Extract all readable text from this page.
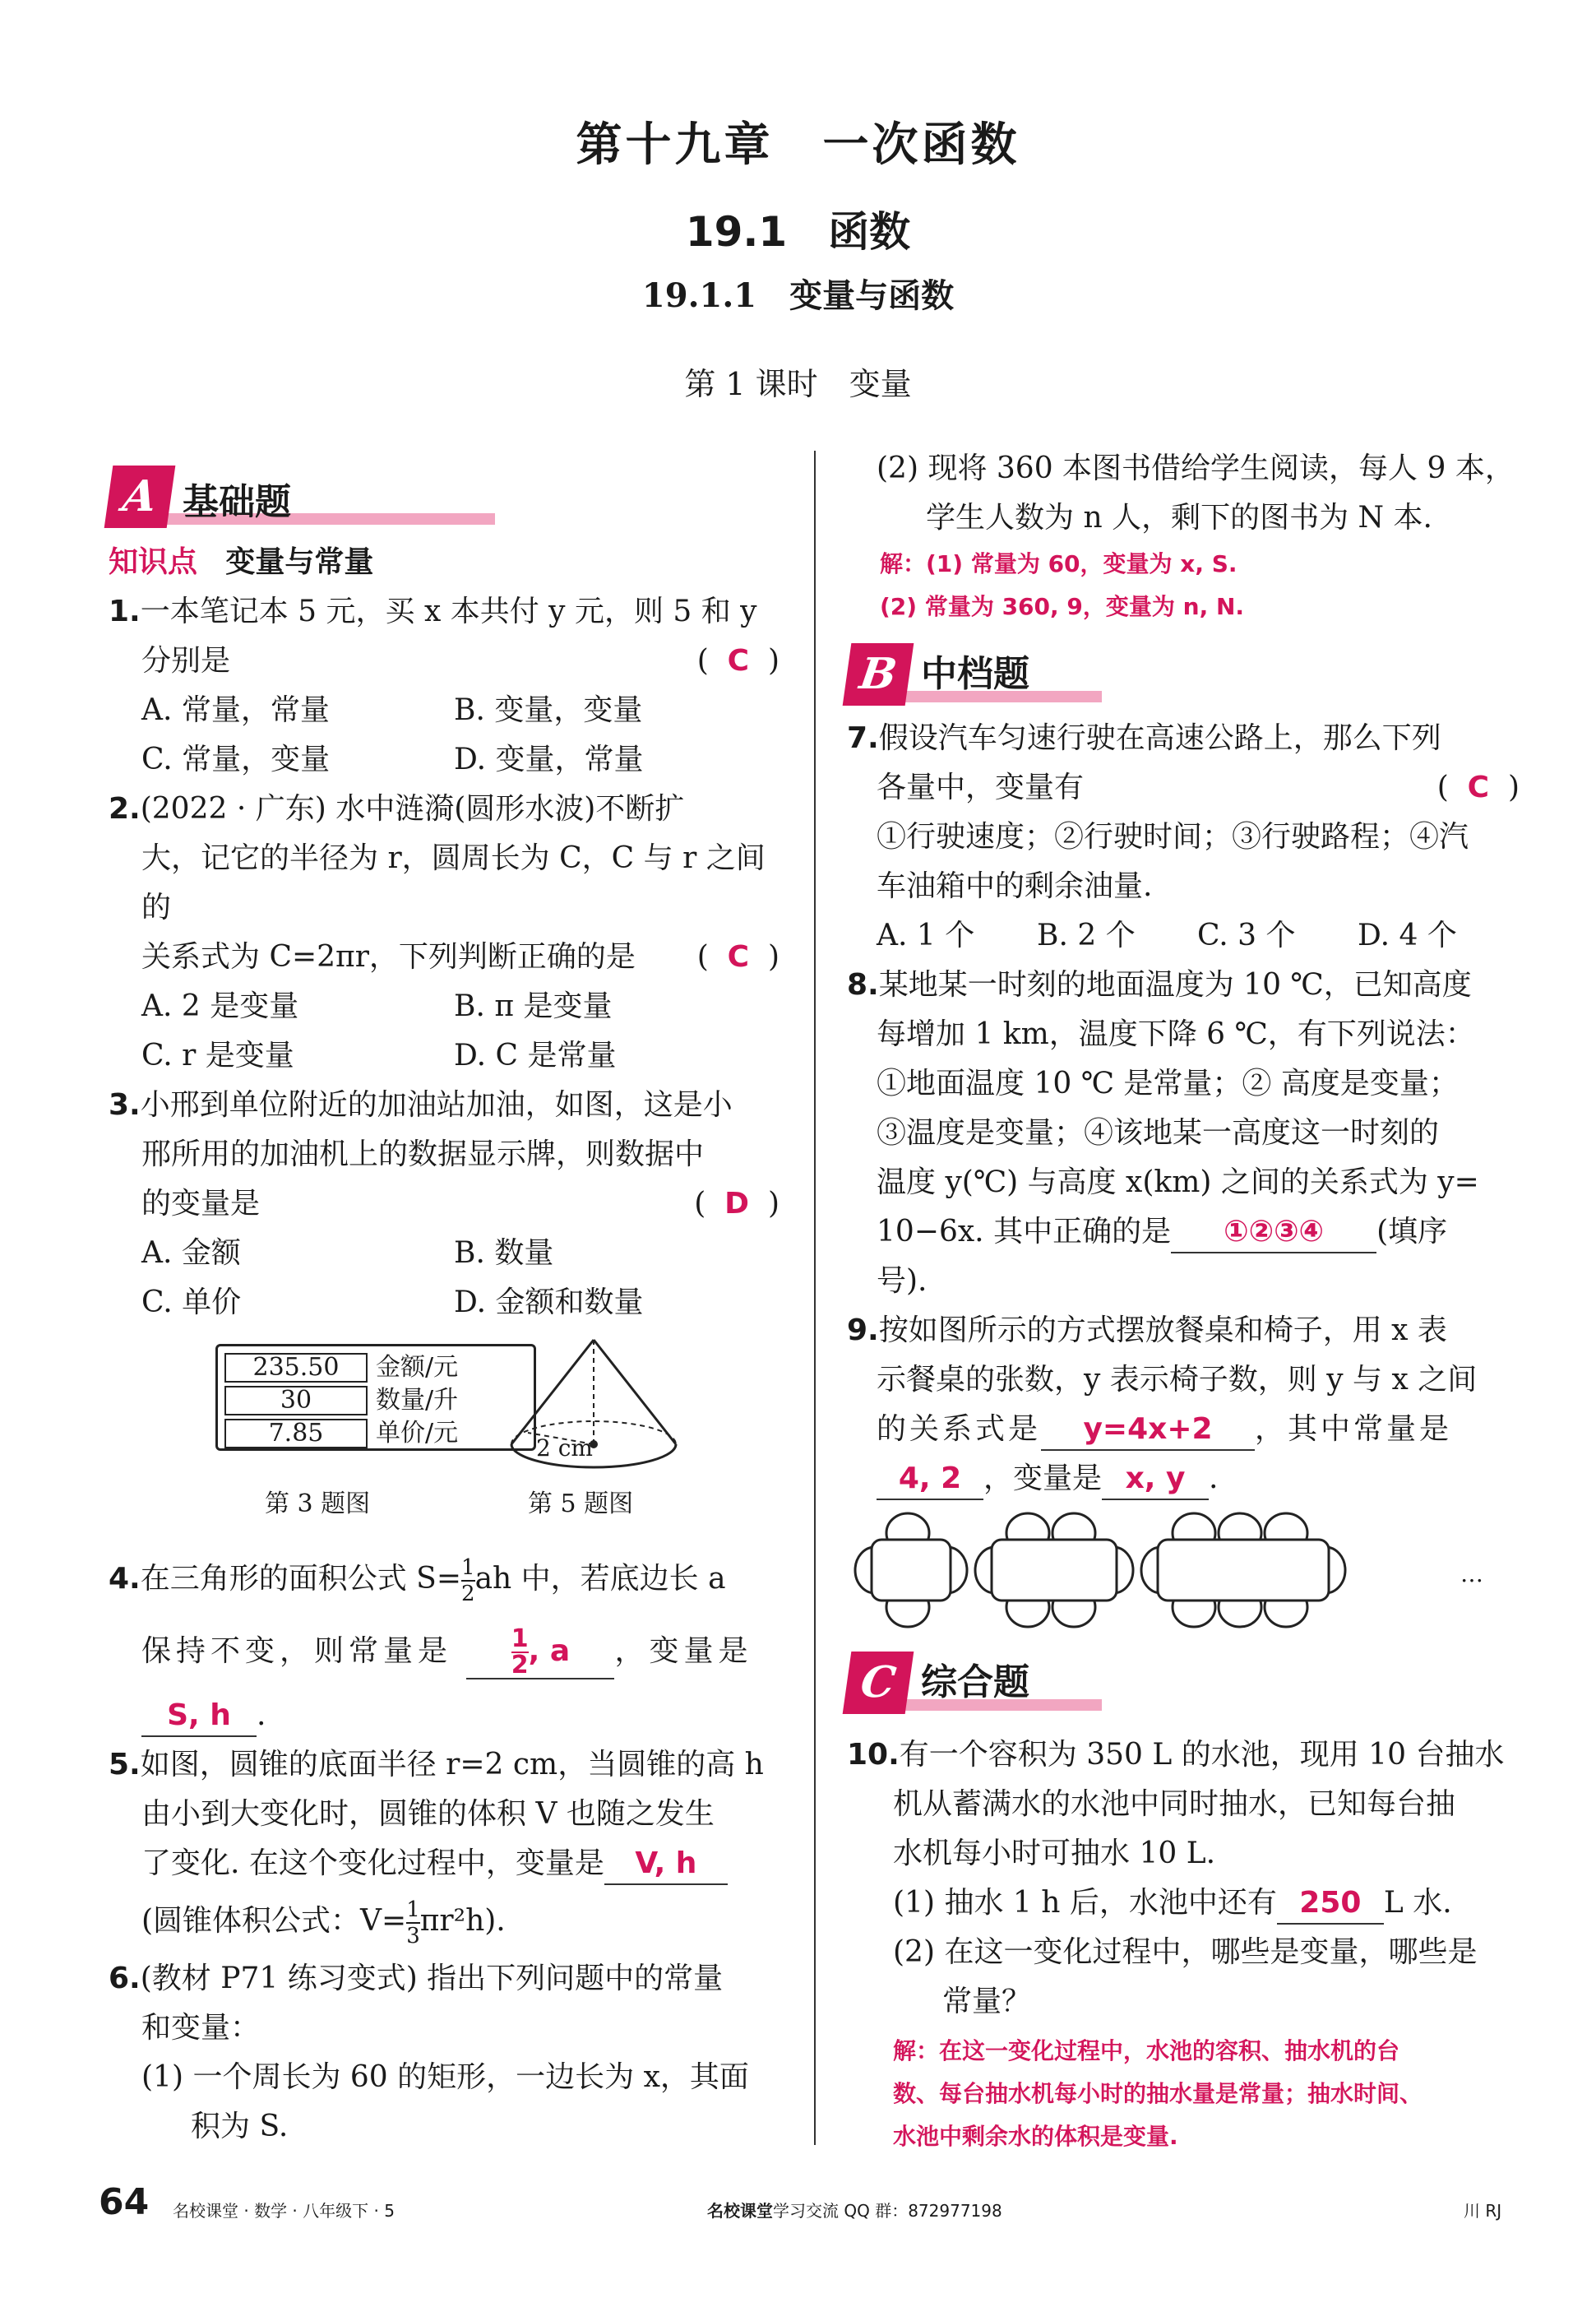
第十九章　一次函数
19.1　函数
19.1.1　变量与函数
第 1 课时　变量
A 基础题

知识点 变量与常量

1.一本笔记本 5 元，买 x 本共付 y 元，则 5 和 y

分别是	(  C  )

A. 常量，常量	B. 变量，变量

C. 常量，变量	D. 变量，常量

2.(2022 · 广东) 水中涟漪(圆形水波)不断扩

大，记它的半径为 r，圆周长为 C，C 与 r 之间的

关系式为 C=2πr，下列判断正确的是 (  C  )

A. 2 是变量	B. π 是变量

C. r 是变量	D. C 是常量

3.小邢到单位附近的加油站加油，如图，这是小

邢所用的加油机上的数据显示牌，则数据中

的变量是	(  D  )

A. 金额	B. 数量

C. 单价	D. 金额和数量

235.50	金额/元
30	数量/升
7.85	单价/元
第 3 题图
2 cm
第 5 题图

4.在三角形的面积公式 $S= \frac{1}{2}$ ah 中，若底边长 a

保持不变，则常量是 $\frac{1}{2}$ , a ，变量是

S, h .

5.如图，圆锥的底面半径 r=2 cm，当圆锥的高 h

由小到大变化时，圆锥的体积 V 也随之发生

了变化. 在这个变化过程中，变量是 V, h

(圆锥体积公式：$V= \frac{1}{3} \pi r^2h$).

6.(教材 P71 练习变式) 指出下列问题中的常量

和变量：

(1) 一个周长为 60 的矩形，一边长为 x，其面

积为 S.

(2) 现将 360 本图书借给学生阅读，每人 9 本，

学生人数为 n 人，剩下的图书为 N 本.

解：(1) 常量为 60，变量为 x, S.

(2) 常量为 360, 9，变量为 n, N.

B 中档题

7.假设汽车匀速行驶在高速公路上，那么下列

各量中，变量有	(  C  )

①行驶速度；②行驶时间；③行驶路程；④汽

车油箱中的剩余油量.

A. 1 个	B. 2 个	C. 3 个	D. 4 个

8.某地某一时刻的地面温度为 10 ℃，已知高度

每增加 1 km，温度下降 6 ℃，有下列说法：

①地面温度 10 ℃ 是常量；② 高度是变量；

③温度是变量；④该地某一高度这一时刻的

温度 y(℃) 与高度 x(km) 之间的关系式为 y=

10−6x. 其中正确的是 ①②③④ (填序

号).

9.按如图所示的方式摆放餐桌和椅子，用 x 表

示餐桌的张数，y 表示椅子数，则 y 与 x 之间

的关系式是 y=4x+2 ，其中常量是

4, 2 ，变量是 x, y .

…
C 综合题

10.有一个容积为 350 L 的水池，现用 10 台抽水

机从蓄满水的水池中同时抽水，已知每台抽

水机每小时可抽水 10 L.

(1) 抽水 1 h 后，水池中还有 250 L 水.

(2) 在这一变化过程中，哪些是变量，哪些是

常量？

解：在这一变化过程中，水池的容积、抽水机的台

数、每台抽水机每小时的抽水量是常量；抽水时间、

水池中剩余水的体积是变量.

64 名校课堂 · 数学 · 八年级下 · 5	名校课堂学习交流 QQ 群：872977198	川 RJ
